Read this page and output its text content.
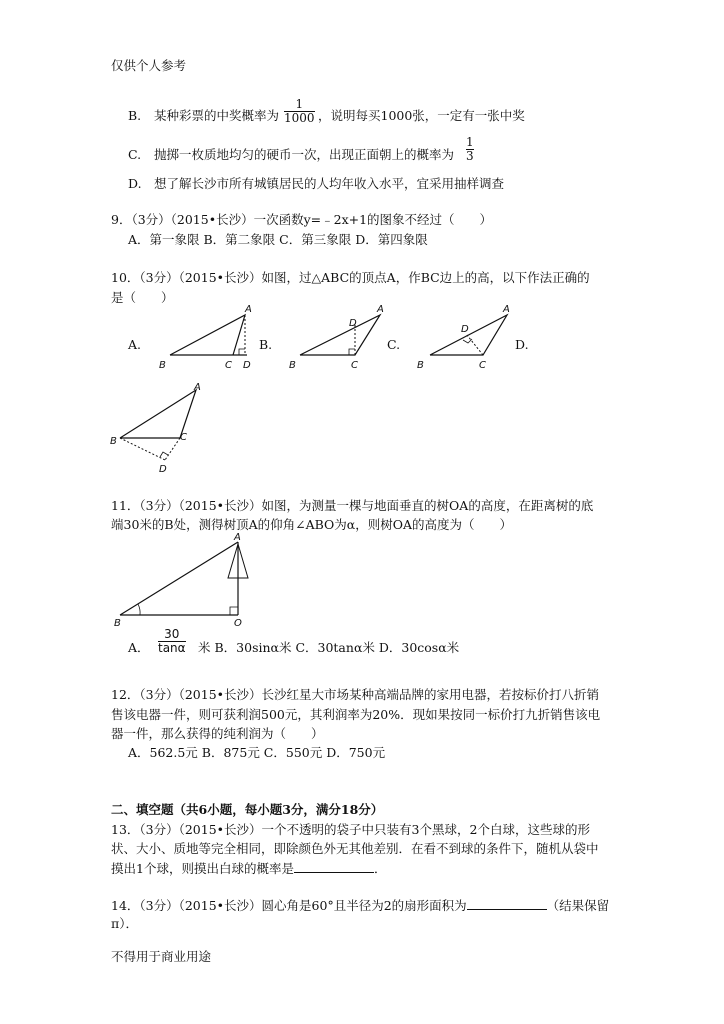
仅供个人参考
不得用于商业用途
B. 某种彩票的中奖概率为
1
1000 ，说明每买1000张，一定有一张中奖
C. 抛掷一枚质地均匀的硬币一次，出现正面朝上的概率为
1
3
D. 想了解长沙市所有城镇居民的人均年收入水平，宜采用抽样调查
9．（3分）（2015•长沙）一次函数y=﹣2x+1的图象不经过（　　）
A．第一象限 B．第二象限 C．第三象限 D．第四象限
10．（3分）（2015•长沙）如图，过△ABC的顶点A，作BC边上的高，以下作法正确的
是（　　）
A.	B.	C.	D.
A
B	C D
A
B	C
D
A
B	C
D
A
B	C
D
11．（3分）（2015•长沙）如图，为测量一棵与地面垂直的树OA的高度，在距离树的底
端30米的B处，测得树顶A的仰角∠ABO为α，则树OA的高度为（　　）
A
B	O
A．
30
tanα 米 B．30sinα米 C．30tanα米 D．30cosα米
12．（3分）（2015•长沙）长沙红星大市场某种高端品牌的家用电器，若按标价打八折销
售该电器一件，则可获利润500元，其利润率为20%．现如果按同一标价打九折销售该电
器一件，那么获得的纯利润为（　　）
A．562.5元 B．875元 C．550元 D．750元
二、填空题（共6小题，每小题3分，满分18分）
13．（3分）（2015•长沙）一个不透明的袋子中只装有3个黑球，2个白球，这些球的形
状、大小、质地等完全相同，即除颜色外无其他差别．在看不到球的条件下，随机从袋中
摸出1个球，则摸出白球的概率是	．
14．（3分）（2015•长沙）圆心角是60°且半径为2的扇形面积为	（结果保留
π）．
